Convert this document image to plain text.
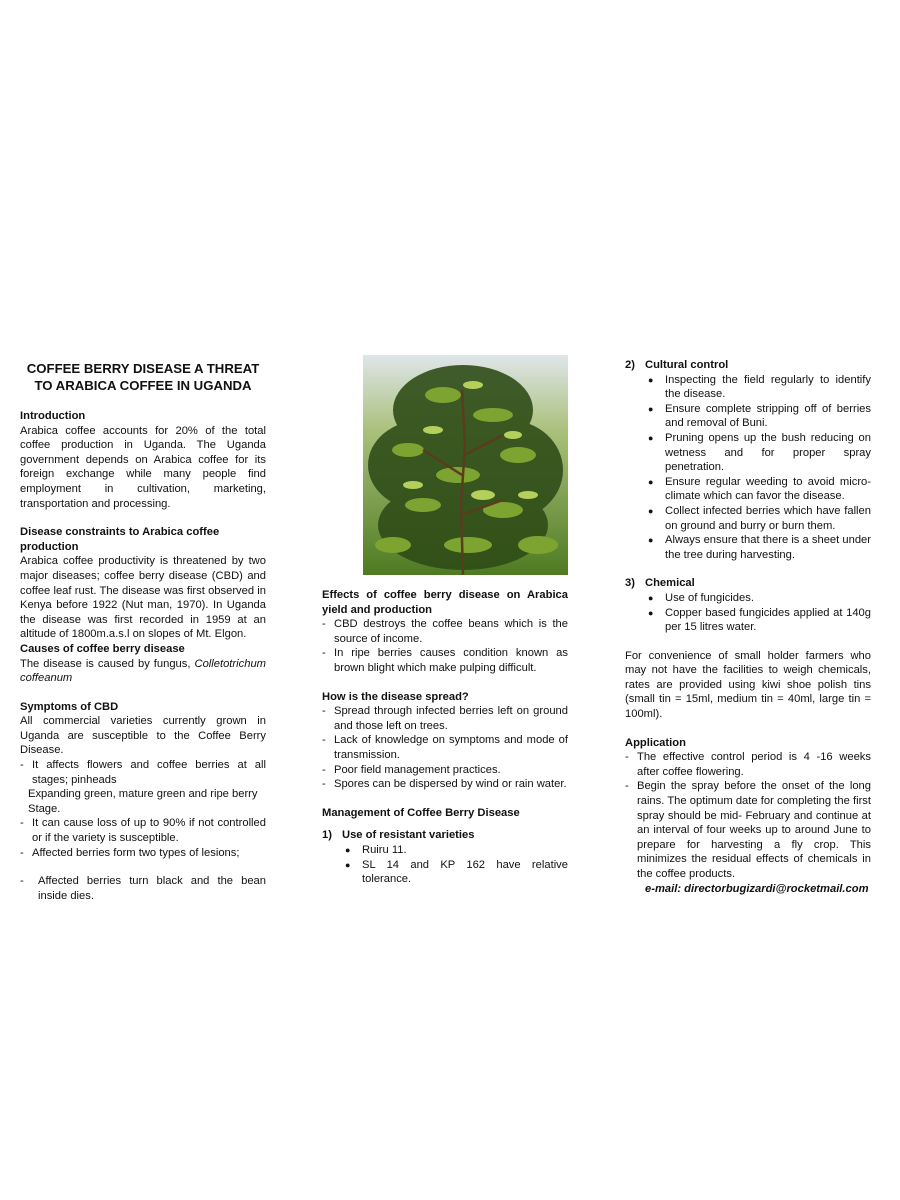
COFFEE BERRY DISEASE A THREAT TO ARABICA COFFEE IN UGANDA
Introduction

Arabica coffee accounts for 20% of the total coffee production in Uganda. The Uganda government depends on Arabica coffee for its foreign exchange while many people find employment in cultivation, marketing, transportation and processing.

Disease constraints to Arabica coffee production

Arabica coffee productivity is threatened by two major diseases; coffee berry disease (CBD) and coffee leaf rust. The disease was first observed in Kenya before 1922 (Nut man, 1970). In Uganda the disease was first recorded in 1959 at an altitude of 1800m.a.s.l on slopes of Mt. Elgon.

Causes of coffee berry disease

The disease is caused by fungus, Colletotrichum coffeanum

Symptoms of CBD

All commercial varieties currently grown in Uganda are susceptible to the Coffee Berry Disease.

- It affects flowers and coffee berries at all stages; pinheads
Expanding green, mature green and ripe berry Stage.
- It can cause loss of up to 90% if not controlled or if the variety is susceptible.
- Affected berries form two types of lesions;
- Affected berries turn black and the bean inside dies.
Effects of coffee berry disease on Arabica yield and production
- CBD destroys the coffee beans which is the source of income.
- In ripe berries causes condition known as brown blight which make pulping difficult.
How is the disease spread?
- Spread through infected berries left on ground and those left on trees.
- Lack of knowledge on symptoms and mode of transmission.
- Poor field management practices.
- Spores can be dispersed by wind or rain water.
Management of Coffee Berry Disease
1) Use of resistant varieties
● Ruiru 11.
● SL 14 and KP 162 have relative tolerance.
2) Cultural control
● Inspecting the field regularly to identify the disease.
● Ensure complete stripping off of berries and removal of Buni.
● Pruning opens up the bush reducing on wetness and for proper spray penetration.
● Ensure regular weeding to avoid micro-climate which can favor the disease.
● Collect infected berries which have fallen on ground and burry or burn them.
● Always ensure that there is a sheet under the tree during harvesting.
3) Chemical
● Use of fungicides.
● Copper based fungicides applied at 140g per 15 litres water.

For convenience of small holder farmers who may not have the facilities to weigh chemicals, rates are provided using kiwi shoe polish tins (small tin = 15ml, medium tin = 40ml, large tin = 100ml).

Application
- The effective control period is 4 -16 weeks after coffee flowering.
- Begin the spray before the onset of the long rains. The optimum date for completing the first spray should be mid- February and continue at an interval of four weeks up to around June to prepare for harvesting a fly crop. This minimizes the residual effects of chemicals in the coffee products.
e-mail: directorbugizardi@rocketmail.com
